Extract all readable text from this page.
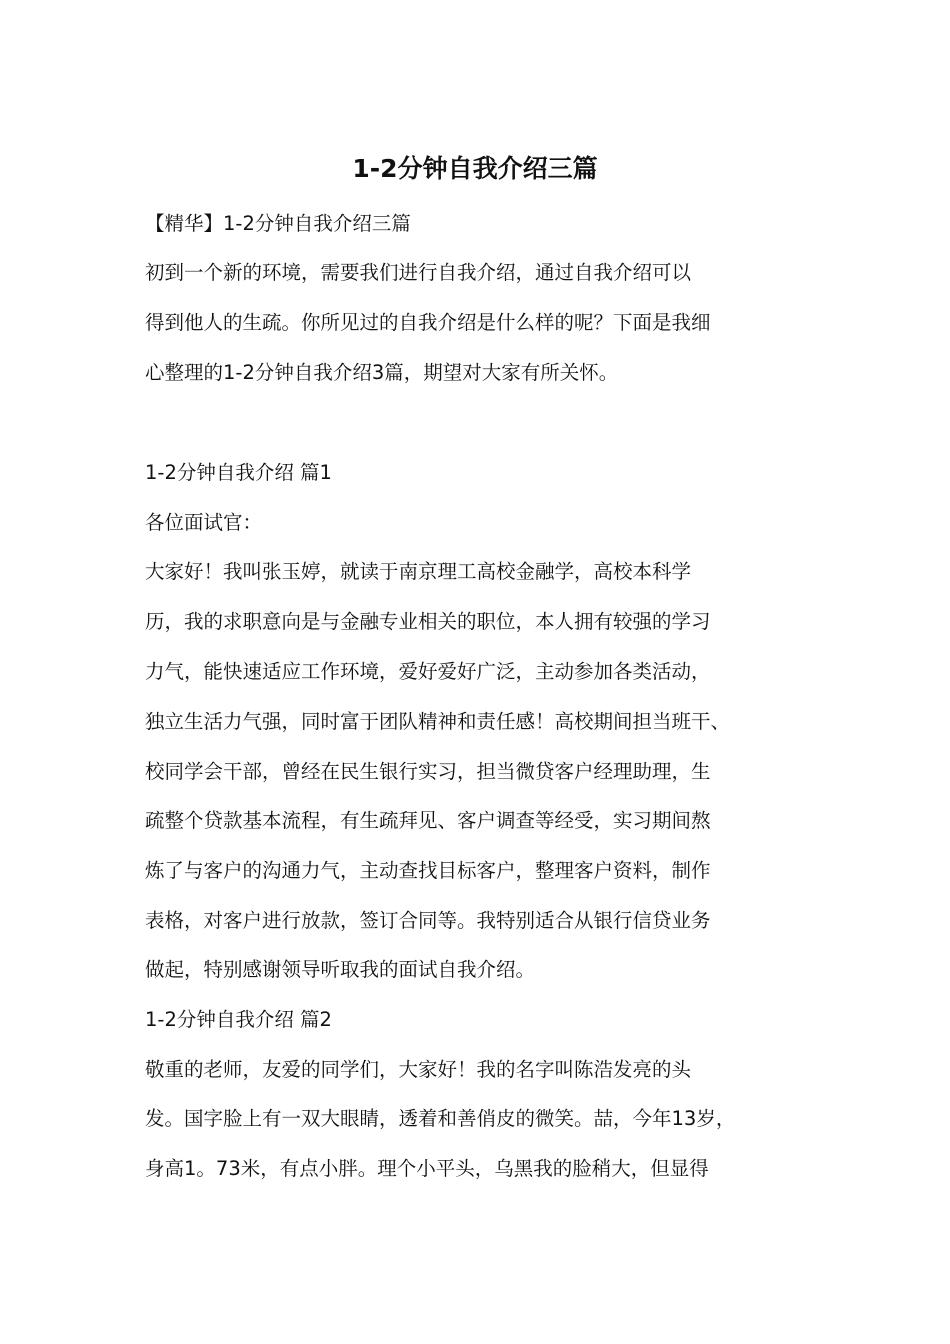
1-2分钟自我介绍三篇
【精华】1-2分钟自我介绍三篇
初到一个新的环境，需要我们进行自我介绍，通过自我介绍可以
得到他人的生疏。你所见过的自我介绍是什么样的呢？下面是我细
心整理的1-2分钟自我介绍3篇，期望对大家有所关怀。
1-2分钟自我介绍 篇1
各位面试官：
大家好！我叫张玉婷，就读于南京理工高校金融学，高校本科学
历，我的求职意向是与金融专业相关的职位，本人拥有较强的学习
力气，能快速适应工作环境，爱好爱好广泛，主动参加各类活动，
独立生活力气强，同时富于团队精神和责任感！高校期间担当班干、
校同学会干部，曾经在民生银行实习，担当微贷客户经理助理，生
疏整个贷款基本流程，有生疏拜见、客户调查等经受，实习期间熬
炼了与客户的沟通力气，主动查找目标客户，整理客户资料，制作
表格，对客户进行放款，签订合同等。我特别适合从银行信贷业务
做起，特别感谢领导听取我的面试自我介绍。
1-2分钟自我介绍 篇2
敬重的老师，友爱的同学们，大家好！我的名字叫陈浩发亮的头
发。国字脸上有一双大眼睛，透着和善俏皮的微笑。喆，今年13岁，
身高1。73米，有点小胖。理个小平头，乌黑我的脸稍大，但显得
